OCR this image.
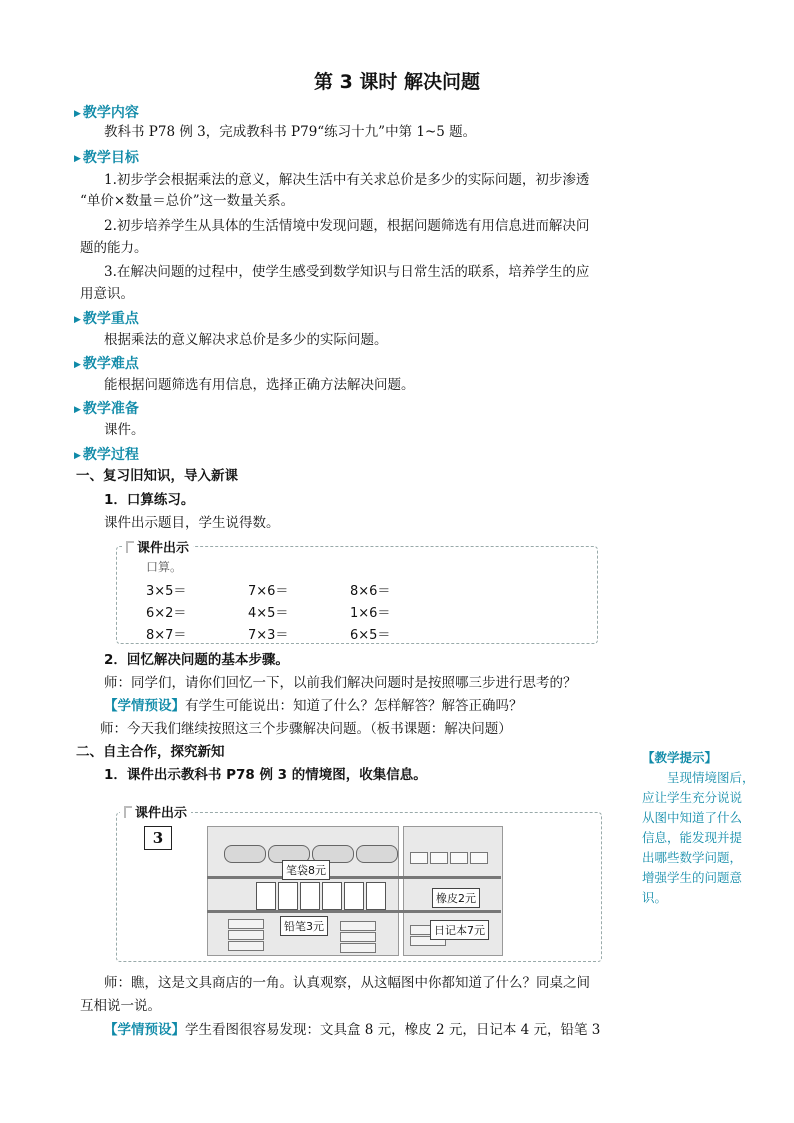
第 3 课时 解决问题
▶ 教学内容
教科书 P78 例 3，完成教科书 P79“练习十九”中第 1~5 题。
▶ 教学目标
1.初步学会根据乘法的意义，解决生活中有关求总价是多少的实际问题，初步渗透
“单价×数量＝总价”这一数量关系。
2.初步培养学生从具体的生活情境中发现问题，根据问题筛选有用信息进而解决问
题的能力。
3.在解决问题的过程中，使学生感受到数学知识与日常生活的联系，培养学生的应
用意识。
▶ 教学重点
根据乘法的意义解决求总价是多少的实际问题。
▶ 教学难点
能根据问题筛选有用信息，选择正确方法解决问题。
▶ 教学准备
课件。
▶ 教学过程
一、复习旧知识，导入新课
1．口算练习。
课件出示题目，学生说得数。
课件出示
口算。
3×5＝	7×6＝	8×6＝
6×2＝	4×5＝	1×6＝
8×7＝	7×3＝	6×5＝
2．回忆解决问题的基本步骤。
师：同学们，请你们回忆一下，以前我们解决问题时是按照哪三步进行思考的？
【学情预设】有学生可能说出：知道了什么？怎样解答？解答正确吗？
师：今天我们继续按照这三个步骤解决问题。（板书课题：解决问题）
二、自主合作，探究新知
1．课件出示教科书 P78 例 3 的情境图，收集信息。
课件出示
3
笔袋8元
铅笔3元
橡皮2元
日记本7元
师：瞧，这是文具商店的一角。认真观察，从这幅图中你都知道了什么？同桌之间
互相说一说。
【学情预设】学生看图很容易发现：文具盒 8 元，橡皮 2 元，日记本 4 元，铅笔 3
【教学提示】
呈现情境图后，
应让学生充分说说
从图中知道了什么
信息，能发现并提
出哪些数学问题，
增强学生的问题意
识。
